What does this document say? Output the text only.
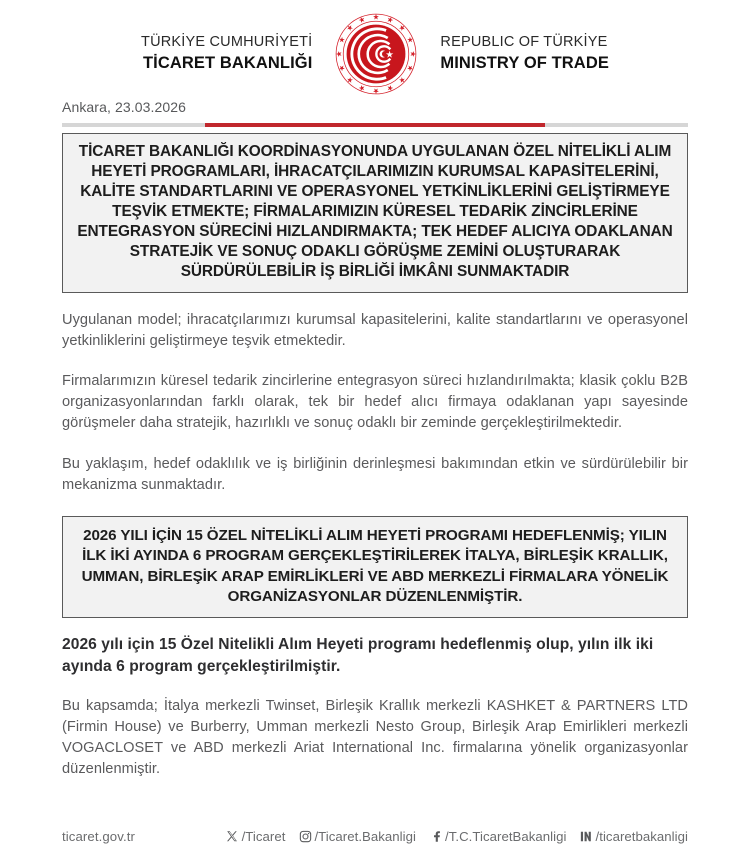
TÜRKİYE CUMHURİYETİ
TİCARET BAKANLIĞI
REPUBLIC OF TÜRKİYE
MINISTRY OF TRADE
Ankara, 23.03.2026
TİCARET BAKANLIĞI KOORDİNASYONUNDA UYGULANAN ÖZEL NİTELİKLİ ALIM HEYETİ PROGRAMLARI, İHRACATÇILARIMIZIN KURUMSAL KAPASİTELERİNİ, KALİTE STANDARTLARINI VE OPERASYONEL YETKİNLİKLERİNİ GELİŞTİRMEYE TEŞVİK ETMEKTE; FİRMALARIMIZIN KÜRESEL TEDARİK ZİNCİRLERİNE ENTEGRASYON SÜRECİNİ HIZLANDIRMAKTA; TEK HEDEF ALICIYA ODAKLANAN STRATEJİK VE SONUÇ ODAKLI GÖRÜŞME ZEMİNİ OLUŞTURARAK SÜRDÜRÜLEBİLİR İŞ BİRLİĞİ İMKÂNI SUNMAKTADIR

Uygulanan model; ihracatçılarımızı kurumsal kapasitelerini, kalite standartlarını ve operasyonel yetkinliklerini geliştirmeye teşvik etmektedir.

Firmalarımızın küresel tedarik zincirlerine entegrasyon süreci hızlandırılmakta; klasik çoklu B2B organizasyonlarından farklı olarak, tek bir hedef alıcı firmaya odaklanan yapı sayesinde görüşmeler daha stratejik, hazırlıklı ve sonuç odaklı bir zeminde gerçekleştirilmektedir.

Bu yaklaşım, hedef odaklılık ve iş birliğinin derinleşmesi bakımından etkin ve sürdürülebilir bir mekanizma sunmaktadır.

2026 YILI İÇİN 15 ÖZEL NİTELİKLİ ALIM HEYETİ PROGRAMI HEDEFLENMİŞ; YILIN İLK İKİ AYINDA 6 PROGRAM GERÇEKLEŞTİRİLEREK İTALYA, BİRLEŞİK KRALLIK, UMMAN, BİRLEŞİK ARAP EMİRLİKLERİ VE ABD MERKEZLİ FİRMALARA YÖNELİK ORGANİZASYONLAR DÜZENLENMİŞTİR.

2026 yılı için 15 Özel Nitelikli Alım Heyeti programı hedeflenmiş olup, yılın ilk iki ayında 6 program gerçekleştirilmiştir.

Bu kapsamda; İtalya merkezli Twinset, Birleşik Krallık merkezli KASHKET & PARTNERS LTD (Firmin House) ve Burberry, Umman merkezli Nesto Group, Birleşik Arap Emirlikleri merkezli VOGACLOSET ve ABD merkezli Ariat International Inc. firmalarına yönelik organizasyonlar düzenlenmiştir.

ticaret.gov.tr	/Ticaret /Ticaret.Bakanligi /T.C.TicaretBakanligi /ticaretbakanligi
